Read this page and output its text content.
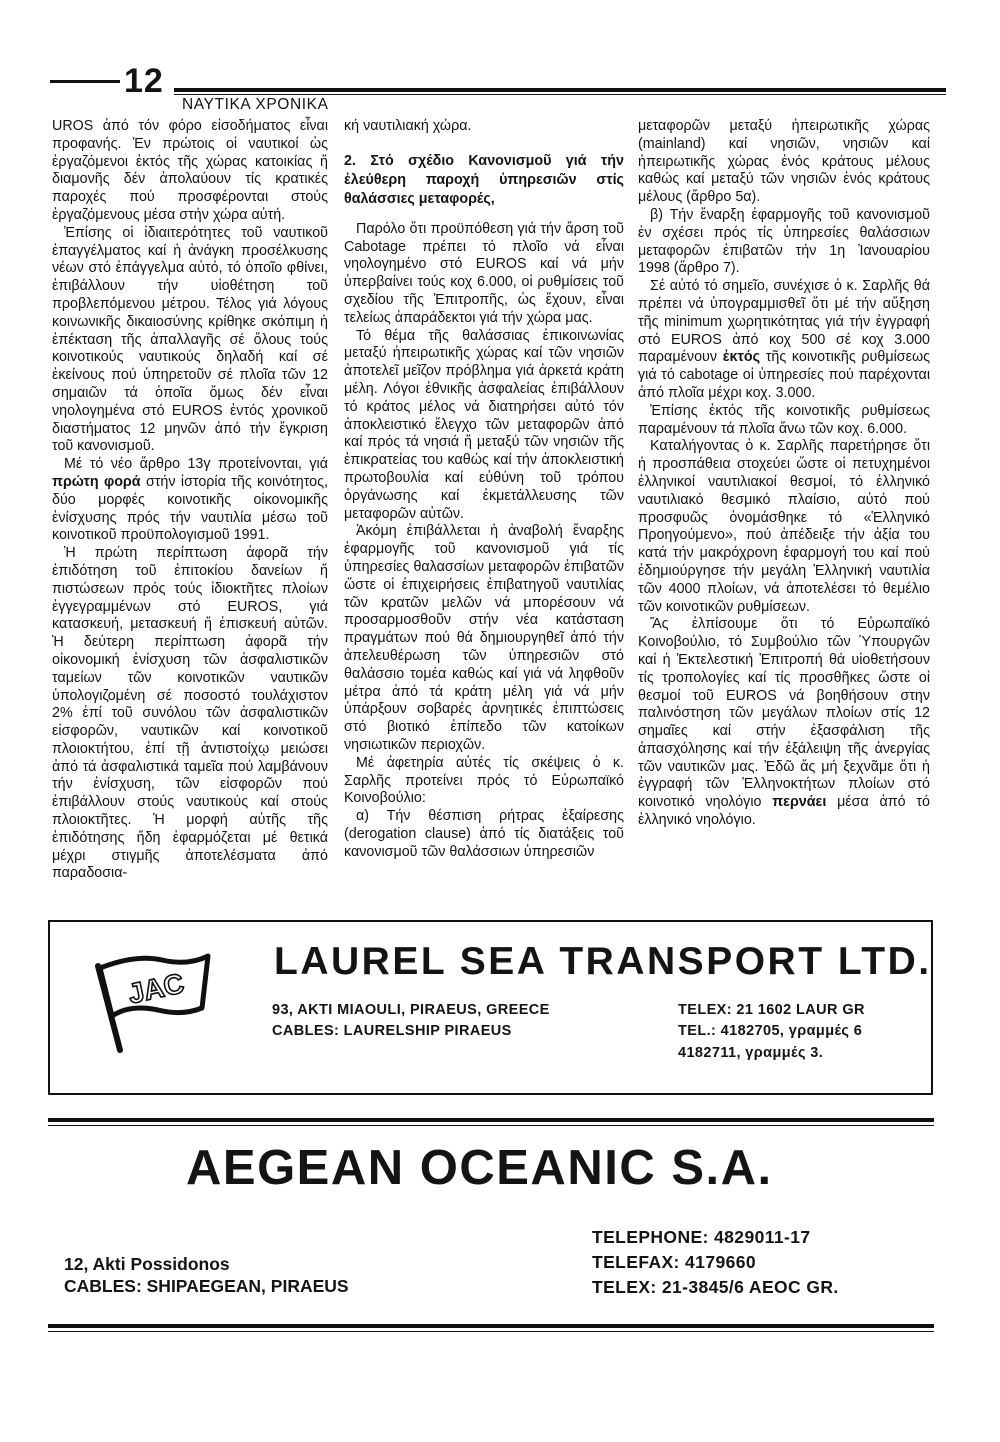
12
ΝΑΥΤΙΚΑ ΧΡΟΝΙΚΑ

UROS ἀπό τόν φόρο εἰσοδήματος εἶναι προφανής. Ἐν πρώτοις οἱ ναυτικοί ὡς ἐργαζόμενοι ἐκτός τῆς χώρας κατοικίας ἤ διαμονῆς δέν ἀπολαύουν τίς κρατικές παροχές πού προσφέρονται στούς ἐργαζόμενους μέσα στήν χώρα αὐτή.

Ἐπίσης οἱ ἰδιαιτερότητες τοῦ ναυτικοῦ ἐπαγγέλματος καί ἡ ἀνάγκη προσέλκυσης νέων στό ἐπάγγελμα αὐτό, τό ὁποῖο φθίνει, ἐπιβάλλουν τήν υἱοθέτηση τοῦ προβλεπόμενου μέτρου. Τέλος γιά λόγους κοινωνικῆς δικαιοσύνης κρίθηκε σκόπιμη ἡ ἐπέκταση τῆς ἀπαλλαγῆς σέ ὅλους τούς κοινοτικούς ναυτικούς δηλαδή καί σέ ἐκείνους πού ὑπηρετοῦν σέ πλοῖα τῶν 12 σημαιῶν τά ὁποῖα ὅμως δέν εἶναι νηολογημένα στό EUROS ἐντός χρονικοῦ διαστήματος 12 μηνῶν ἀπό τήν ἔγκριση τοῦ κανονισμοῦ.

Μέ τό νέο ἄρθρο 13γ προτείνονται, γιά πρώτη φορά στήν ἱστορία τῆς κοινότητος, δύο μορφές κοινοτικῆς οἰκονομικῆς ἐνίσχυσης πρός τήν ναυτιλία μέσω τοῦ κοινοτικοῦ προϋπολογισμοῦ 1991.

Ἡ πρώτη περίπτωση ἀφορᾶ τήν ἐπιδότηση τοῦ ἐπιτοκίου δανείων ἤ πιστώσεων πρός τούς ἰδιοκτῆτες πλοίων ἐγγεγραμμένων στό EUROS, γιά κατασκευή, μετασκευή ἤ ἐπισκευή αὐτῶν. Ἡ δεύτερη περίπτωση ἀφορᾶ τήν οἰκονομική ἐνίσχυση τῶν ἀσφαλιστικῶν ταμείων τῶν κοινοτικῶν ναυτικῶν ὑπολογιζομένη σέ ποσοστό τουλάχιστον 2% ἐπί τοῦ συνόλου τῶν ἀσφαλιστικῶν εἰσφορῶν, ναυτικῶν καί κοινοτικοῦ πλοιοκτήτου, ἐπί τῇ ἀντιστοίχῳ μειώσει ἀπό τά ἀσφαλιστικά ταμεῖα πού λαμβάνουν τήν ἐνίσχυση, τῶν εἰσφορῶν πού ἐπιβάλλουν στούς ναυτικούς καί στούς πλοιοκτῆτες. Ἡ μορφή αὐτῆς τῆς ἐπιδότησης ἤδη ἐφαρμόζεται μέ θετικά μέχρι στιγμῆς ἀποτελέσματα ἀπό παραδοσια-

κή ναυτιλιακή χώρα.

2. Στό σχέδιο Κανονισμοῦ γιά τήν ἐλεύθερη παροχή ὑπηρεσιῶν στίς θαλάσσιες μεταφορές,

Παρόλο ὅτι προϋπόθεση γιά τήν ἄρση τοῦ Cabotage πρέπει τό πλοῖο νά εἶναι νηολογημένο στό EUROS καί νά μήν ὑπερβαίνει τούς κοχ 6.000, οἱ ρυθμίσεις τοῦ σχεδίου τῆς Ἐπιτροπῆς, ὡς ἔχουν, εἶναι τελείως ἀπαράδεκτοι γιά τήν χώρα μας.

Τό θέμα τῆς θαλάσσιας ἐπικοινωνίας μεταξύ ἠπειρωτικῆς χώρας καί τῶν νησιῶν ἀποτελεῖ μεῖζον πρόβλημα γιά ἀρκετά κράτη μέλη. Λόγοι ἐθνικῆς ἀσφαλείας ἐπιβάλλουν τό κράτος μέλος νά διατηρήσει αὐτό τόν ἀποκλειστικό ἔλεγχο τῶν μεταφορῶν ἀπό καί πρός τά νησιά ἤ μεταξύ τῶν νησιῶν τῆς ἐπικρατείας του καθώς καί τήν ἀποκλειστική πρωτοβουλία καί εὐθύνη τοῦ τρόπου ὀργάνωσης καί ἐκμετάλλευσης τῶν μεταφορῶν αὐτῶν.

Ἀκόμη ἐπιβάλλεται ἡ ἀναβολή ἔναρξης ἐφαρμογῆς τοῦ κανονισμοῦ γιά τίς ὑπηρεσίες θαλασσίων μεταφορῶν ἐπιβατῶν ὥστε οἱ ἐπιχειρήσεις ἐπιβατηγοῦ ναυτιλίας τῶν κρατῶν μελῶν νά μπορέσουν νά προσαρμοσθοῦν στήν νέα κατάσταση πραγμάτων πού θά δημιουργηθεῖ ἀπό τήν ἀπελευθέρωση τῶν ὑπηρεσιῶν στό θαλάσσιο τομέα καθώς καί γιά νά ληφθοῦν μέτρα ἀπό τά κράτη μέλη γιά νά μήν ὑπάρξουν σοβαρές ἀρνητικές ἐπιπτώσεις στό βιοτικό ἐπίπεδο τῶν κατοίκων νησιωτικῶν περιοχῶν.

Μέ ἀφετηρία αὐτές τίς σκέψεις ὁ κ. Σαρλῆς προτείνει πρός τό Εὐρωπαϊκό Κοινοβούλιο:

α) Τήν θέσπιση ρήτρας ἐξαίρεσης (derogation clause) ἀπό τίς διατάξεις τοῦ κανονισμοῦ τῶν θαλάσσιων ὑπηρεσιῶν

μεταφορῶν μεταξύ ἠπειρωτικῆς χώρας (mainland) καί νησιῶν, νησιῶν καί ἠπειρωτικῆς χώρας ἑνός κράτους μέλους καθώς καί μεταξύ τῶν νησιῶν ἑνός κράτους μέλους (ἄρθρο 5α).

β) Τήν ἔναρξη ἐφαρμογῆς τοῦ κανονισμοῦ ἐν σχέσει πρός τίς ὑπηρεσίες θαλάσσιων μεταφορῶν ἐπιβατῶν τήν 1η Ἰανουαρίου 1998 (ἄρθρο 7).

Σέ αὐτό τό σημεῖο, συνέχισε ὁ κ. Σαρλῆς θά πρέπει νά ὑπογραμμισθεῖ ὅτι μέ τήν αὔξηση τῆς minimum χωρητικότητας γιά τήν ἐγγραφή στό EUROS ἀπό κοχ 500 σέ κοχ 3.000 παραμένουν ἐκτός τῆς κοινοτικῆς ρυθμίσεως γιά τό cabotage οἱ ὑπηρεσίες πού παρέχονται ἀπό πλοῖα μέχρι κοχ. 3.000.

Ἐπίσης ἐκτός τῆς κοινοτικῆς ρυθμίσεως παραμένουν τά πλοῖα ἄνω τῶν κοχ. 6.000.

Καταλήγοντας ὁ κ. Σαρλῆς παρετήρησε ὅτι ἡ προσπάθεια στοχεύει ὥστε οἱ πετυχημένοι ἑλληνικοί ναυτιλιακοί θεσμοί, τό ἑλληνικό ναυτιλιακό θεσμικό πλαίσιο, αὐτό πού προσφυῶς ὀνομάσθηκε τό «Ἑλληνικό Προηγούμενο», πού ἀπέδειξε τήν ἀξία του κατά τήν μακρόχρονη ἐφαρμογή του καί πού ἐδημιούργησε τήν μεγάλη Ἑλληνική ναυτιλία τῶν 4000 πλοίων, νά ἀποτελέσει τό θεμέλιο τῶν κοινοτικῶν ρυθμίσεων.

Ἄς ἐλπίσουμε ὅτι τό Εὐρωπαϊκό Κοινοβούλιο, τό Συμβούλιο τῶν Ὑπουργῶν καί ἡ Ἐκτελεστική Ἐπιτροπή θά υἱοθετήσουν τίς τροπολογίες καί τίς προσθῆκες ὥστε οἱ θεσμοί τοῦ EUROS νά βοηθήσουν στην παλινόστηση τῶν μεγάλων πλοίων στίς 12 σημαῖες καί στήν ἐξασφάλιση τῆς ἀπασχόλησης καί τήν ἐξάλειψη τῆς ἀνεργίας τῶν ναυτικῶν μας. Ἐδῶ ἄς μή ξεχνᾶμε ὅτι ἡ ἐγγραφή τῶν Ἑλληνοκτήτων πλοίων στό κοινοτικό νηολόγιο περνάει μέσα ἀπό τό ἑλληνικό νηολόγιο.

JAC
LAUREL SEA TRANSPORT LTD.
93, AKTI MIAOULI, PIRAEUS, GREECE
CABLES: LAURELSHIP PIRAEUS
TELEX: 21 1602 LAUR GR
TEL.: 4182705, γραμμές 6
4182711, γραμμές 3.
AEGEAN OCEANIC S.A.
12, Akti Possidonos
CABLES: SHIPAEGEAN, PIRAEUS
TELEPHONE: 4829011-17
TELEFAX: 4179660
TELEX: 21-3845/6 AEOC GR.
